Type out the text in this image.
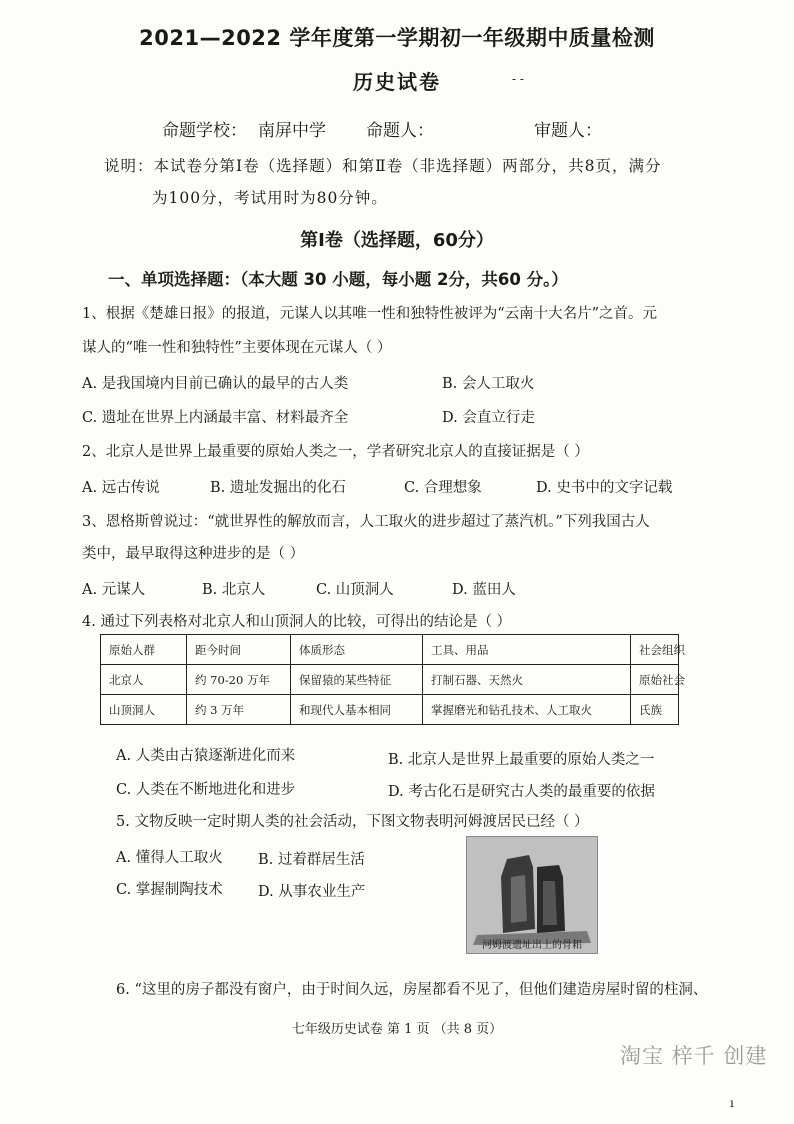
2021—2022 学年度第一学期初一年级期中质量检测
历史试卷	- -
命题学校： 南屏中学 命题人：	审题人：
说明：本试卷分第Ⅰ卷（选择题）和第Ⅱ卷（非选择题）两部分，共8页，满分
为100分，考试用时为80分钟。
第Ⅰ卷（选择题，60分）
一、单项选择题：（本大题 30 小题，每小题 2分，共60 分。）
1、根据《楚雄日报》的报道，元谋人以其唯一性和独特性被评为“云南十大名片”之首。元
谋人的“唯一性和独特性”主要体现在元谋人（ ）
A. 是我国境内目前已确认的最早的古人类	B. 会人工取火
C. 遗址在世界上内涵最丰富、材料最齐全	D. 会直立行走
2、北京人是世界上最重要的原始人类之一，学者研究北京人的直接证据是（ ）
A. 远古传说	B. 遗址发掘出的化石	C. 合理想象	D. 史书中的文字记载
3、恩格斯曾说过：“就世界性的解放而言，人工取火的进步超过了蒸汽机。”下列我国古人
类中，最早取得这种进步的是（ ）
A. 元谋人	B. 北京人	C. 山顶洞人	D. 蓝田人
4. 通过下列表格对北京人和山顶洞人的比较，可得出的结论是（ ）
原始人群	距今时间	体质形态	工具、用品	社会组织
北京人	约 70-20 万年	保留猿的某些特征	打制石器、天然火	原始社会
山顶洞人	约 3 万年	和现代人基本相同	掌握磨光和钻孔技术、人工取火	氏族
A. 人类由古猿逐渐进化而来	B. 北京人是世界上最重要的原始人类之一
C. 人类在不断地进化和进步	D. 考古化石是研究古人类的最重要的依据
5. 文物反映一定时期人类的社会活动，下图文物表明河姆渡居民已经（ ）
A. 懂得人工取火 B. 过着群居生活
C. 掌握制陶技术 D. 从事农业生产
河姆渡遗址出土的骨耜
6. “这里的房子都没有窗户，由于时间久远，房屋都看不见了，但他们建造房屋时留的柱洞、
七年级历史试卷 第 1 页 （共 8 页）
淘宝 梓千 创建
ı
